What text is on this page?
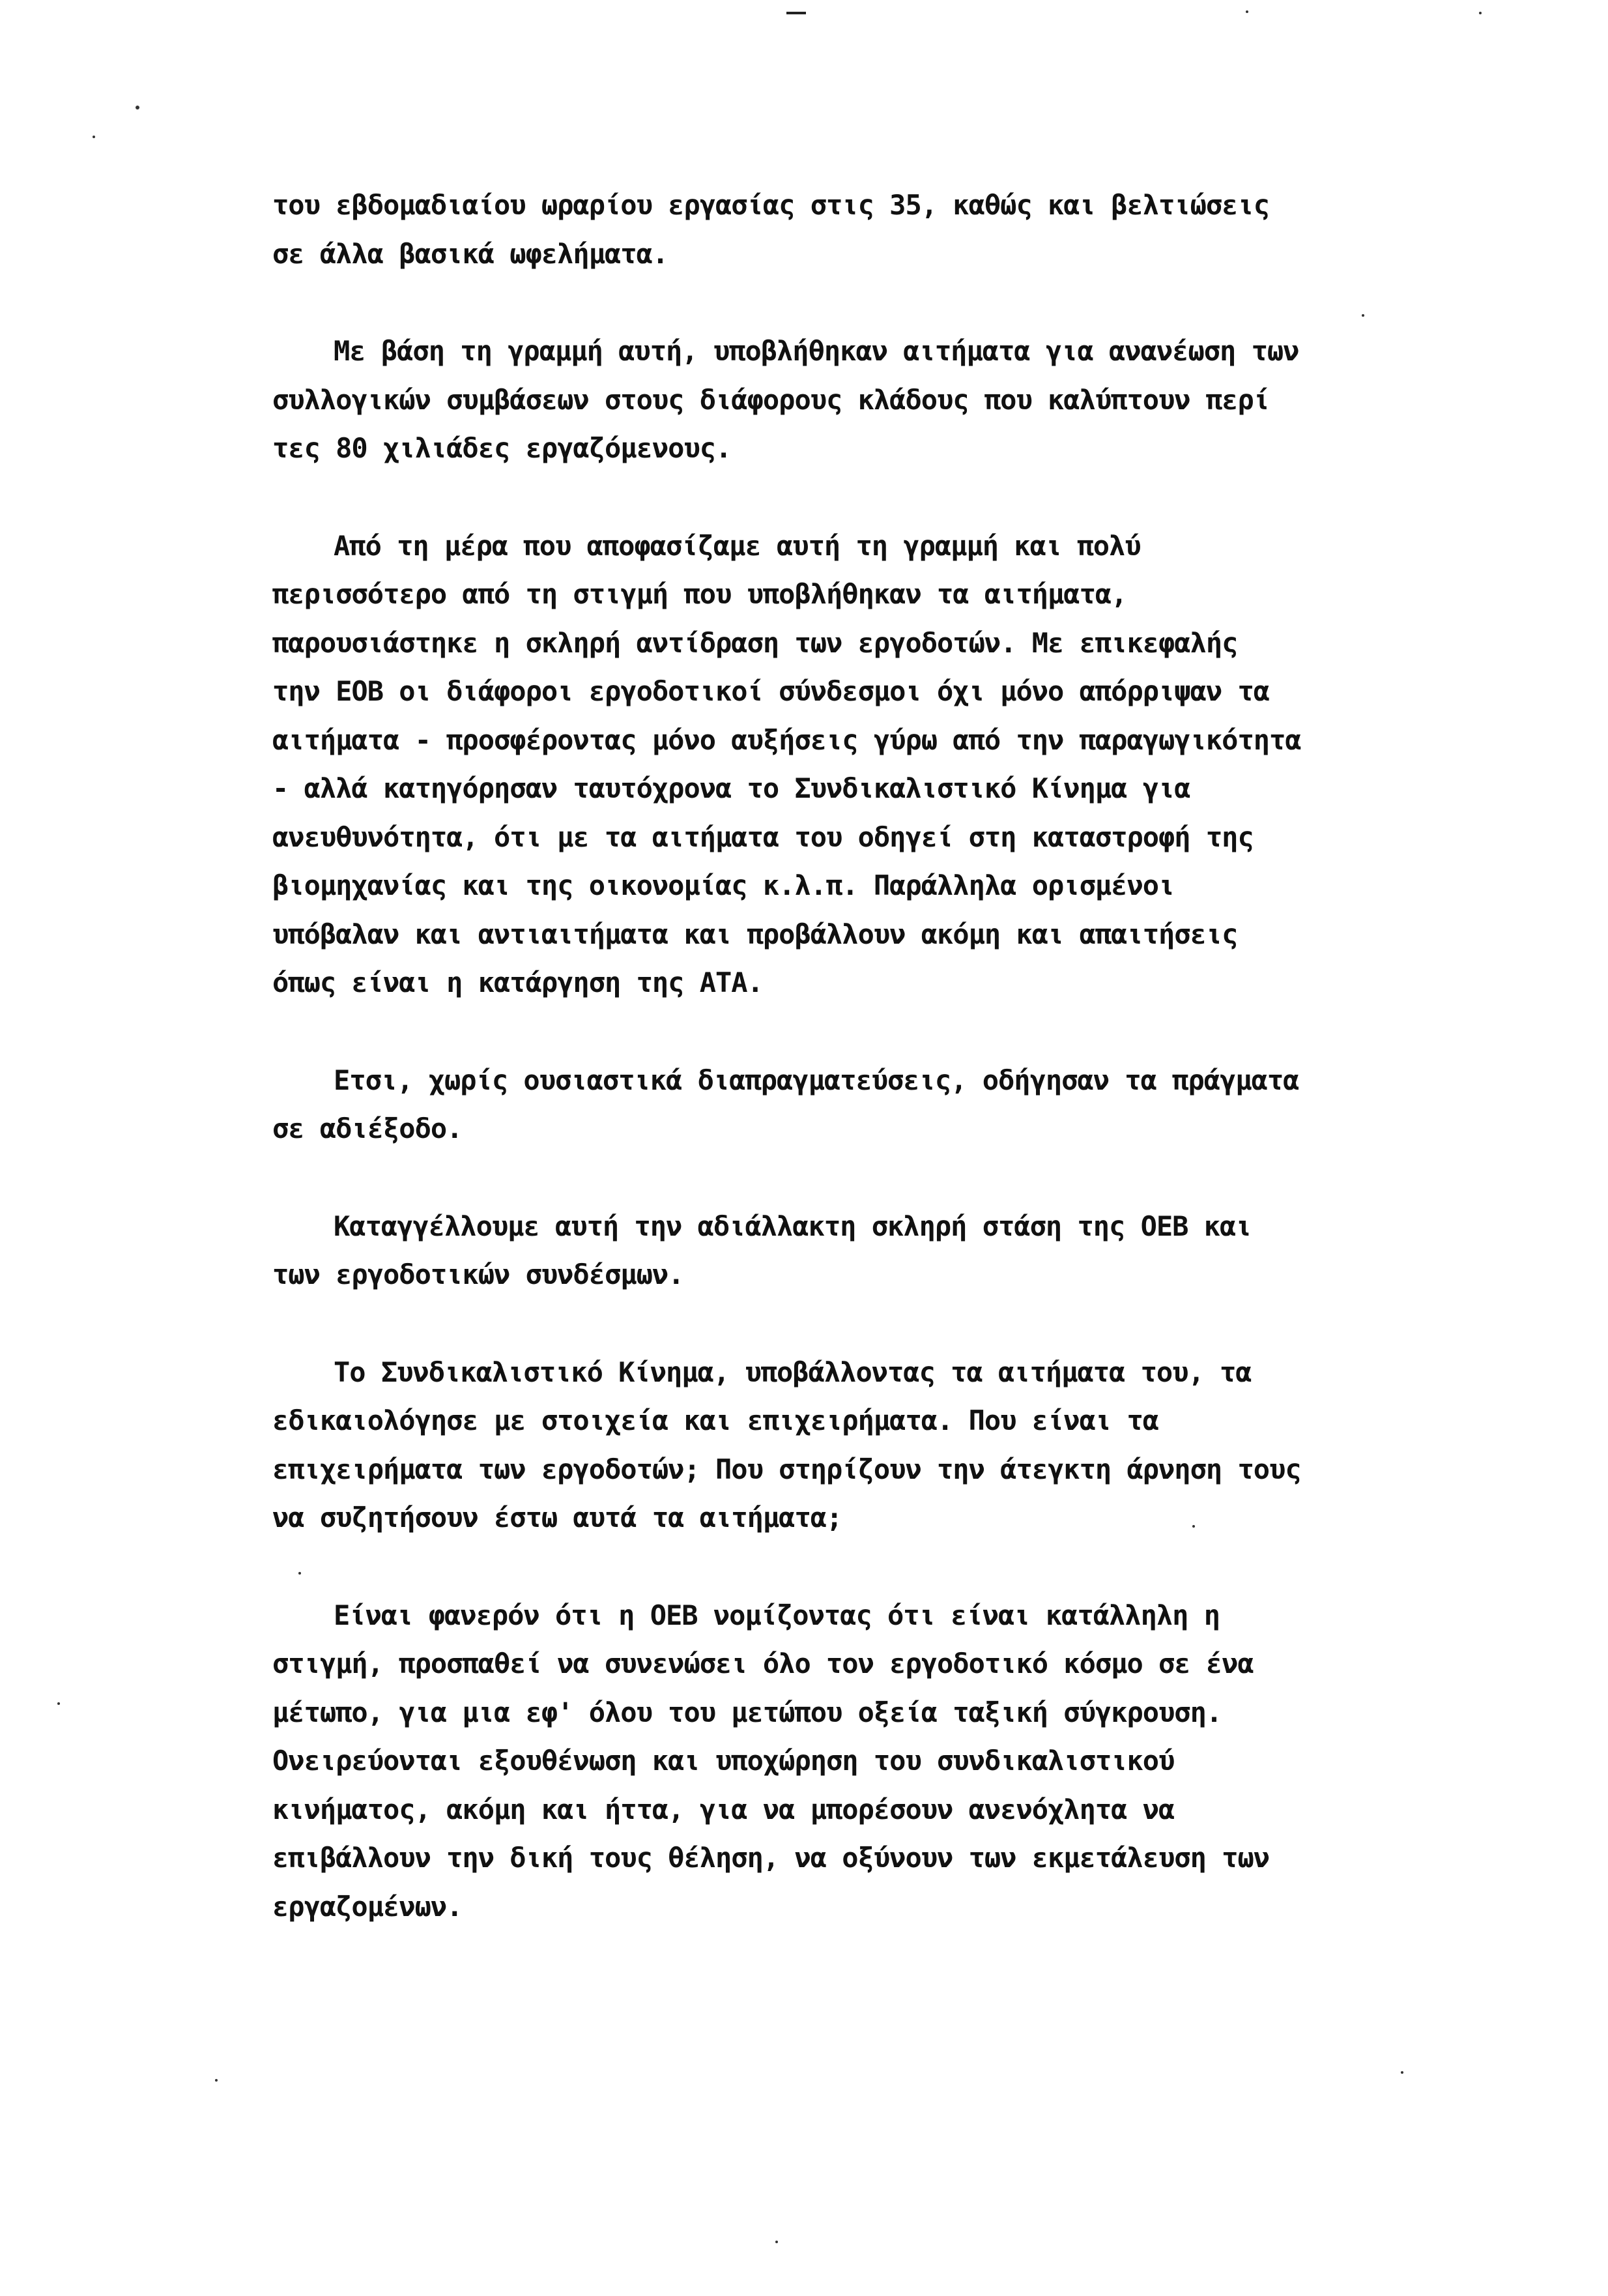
του εβδομαδιαίου ωραρίου εργασίας στις 35, καθώς και βελτιώσεις
σε άλλα βασικά ωφελήματα.
Με βάση τη γραμμή αυτή, υποβλήθηκαν αιτήματα για ανανέωση των
συλλογικών συμβάσεων στους διάφορους κλάδους που καλύπτουν περί
τες 80 χιλιάδες εργαζόμενους.
Από τη μέρα που αποφασίζαμε αυτή τη γραμμή και πολύ
περισσότερο από τη στιγμή που υποβλήθηκαν τα αιτήματα,
παρουσιάστηκε η σκληρή αντίδραση των εργοδοτών. Με επικεφαλής
την ΕΟΒ οι διάφοροι εργοδοτικοί σύνδεσμοι όχι μόνο απόρριψαν τα
αιτήματα - προσφέροντας μόνο αυξήσεις γύρω από την παραγωγικότητα
- αλλά κατηγόρησαν ταυτόχρονα το Συνδικαλιστικό Κίνημα για
ανευθυνότητα, ότι με τα αιτήματα του οδηγεί στη καταστροφή της
βιομηχανίας και της οικονομίας κ.λ.π. Παράλληλα ορισμένοι
υπόβαλαν και αντιαιτήματα και προβάλλουν ακόμη και απαιτήσεις
όπως είναι η κατάργηση της ΑΤΑ.
Ετσι, χωρίς ουσιαστικά διαπραγματεύσεις, οδήγησαν τα πράγματα
σε αδιέξοδο.
Καταγγέλλουμε αυτή την αδιάλλακτη σκληρή στάση της ΟΕΒ και
των εργοδοτικών συνδέσμων.
Το Συνδικαλιστικό Κίνημα, υποβάλλοντας τα αιτήματα του, τα
εδικαιολόγησε με στοιχεία και επιχειρήματα. Που είναι τα
επιχειρήματα των εργοδοτών; Που στηρίζουν την άτεγκτη άρνηση τους
να συζητήσουν έστω αυτά τα αιτήματα;
Είναι φανερόν ότι η ΟΕΒ νομίζοντας ότι είναι κατάλληλη η
στιγμή, προσπαθεί να συνενώσει όλο τον εργοδοτικό κόσμο σε ένα
μέτωπο, για μια εφ' όλου του μετώπου οξεία ταξική σύγκρουση.
Ονειρεύονται εξουθένωση και υποχώρηση του συνδικαλιστικού
κινήματος, ακόμη και ήττα, για να μπορέσουν ανενόχλητα να
επιβάλλουν την δική τους θέληση, να οξύνουν των εκμετάλευση των
εργαζομένων.
